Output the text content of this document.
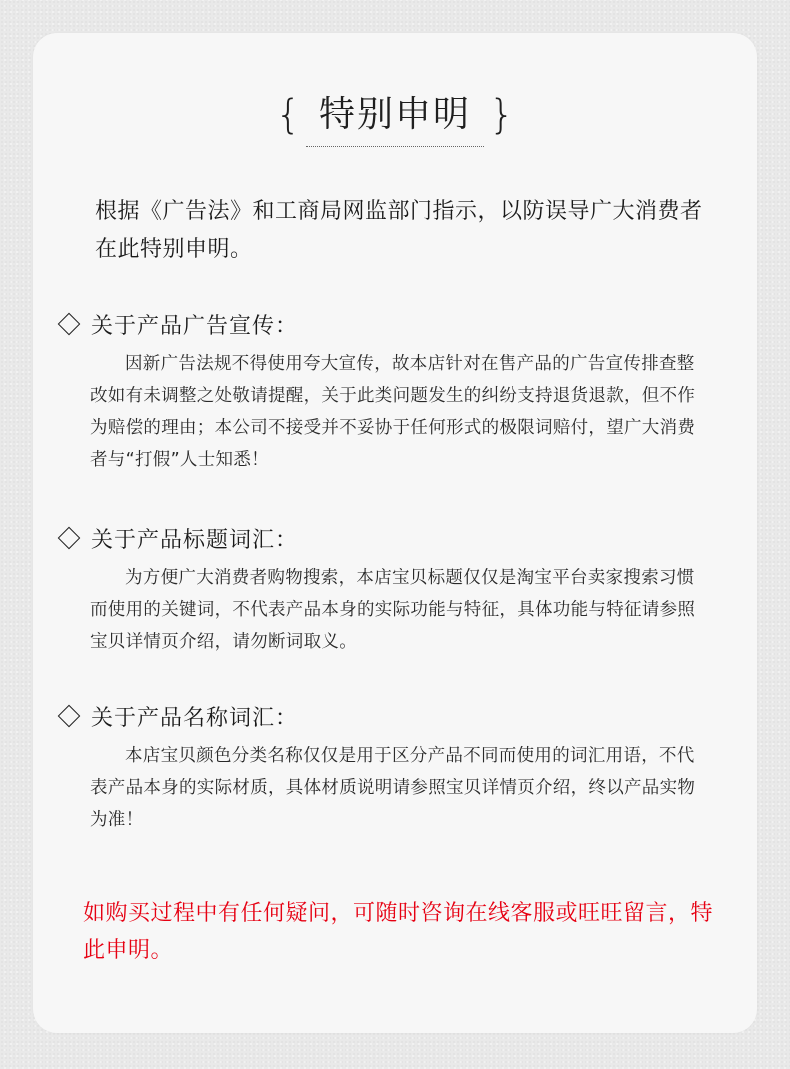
{ 特别申明 }
根据《广告法》和工商局网监部门指示，以防误导广大消费者在此特别申明。
关于产品广告宣传：
因新广告法规不得使用夸大宣传，故本店针对在售产品的广告宣传排查整改如有未调整之处敬请提醒，关于此类问题发生的纠纷支持退货退款，但不作为赔偿的理由；本公司不接受并不妥协于任何形式的极限词赔付，望广大消费者与“打假”人士知悉！
关于产品标题词汇：
为方便广大消费者购物搜索，本店宝贝标题仅仅是淘宝平台卖家搜索习惯而使用的关键词，不代表产品本身的实际功能与特征，具体功能与特征请参照宝贝详情页介绍，请勿断词取义。
关于产品名称词汇：
本店宝贝颜色分类名称仅仅是用于区分产品不同而使用的词汇用语，不代表产品本身的实际材质，具体材质说明请参照宝贝详情页介绍，终以产品实物为准！
如购买过程中有任何疑问，可随时咨询在线客服或旺旺留言，特此申明。
